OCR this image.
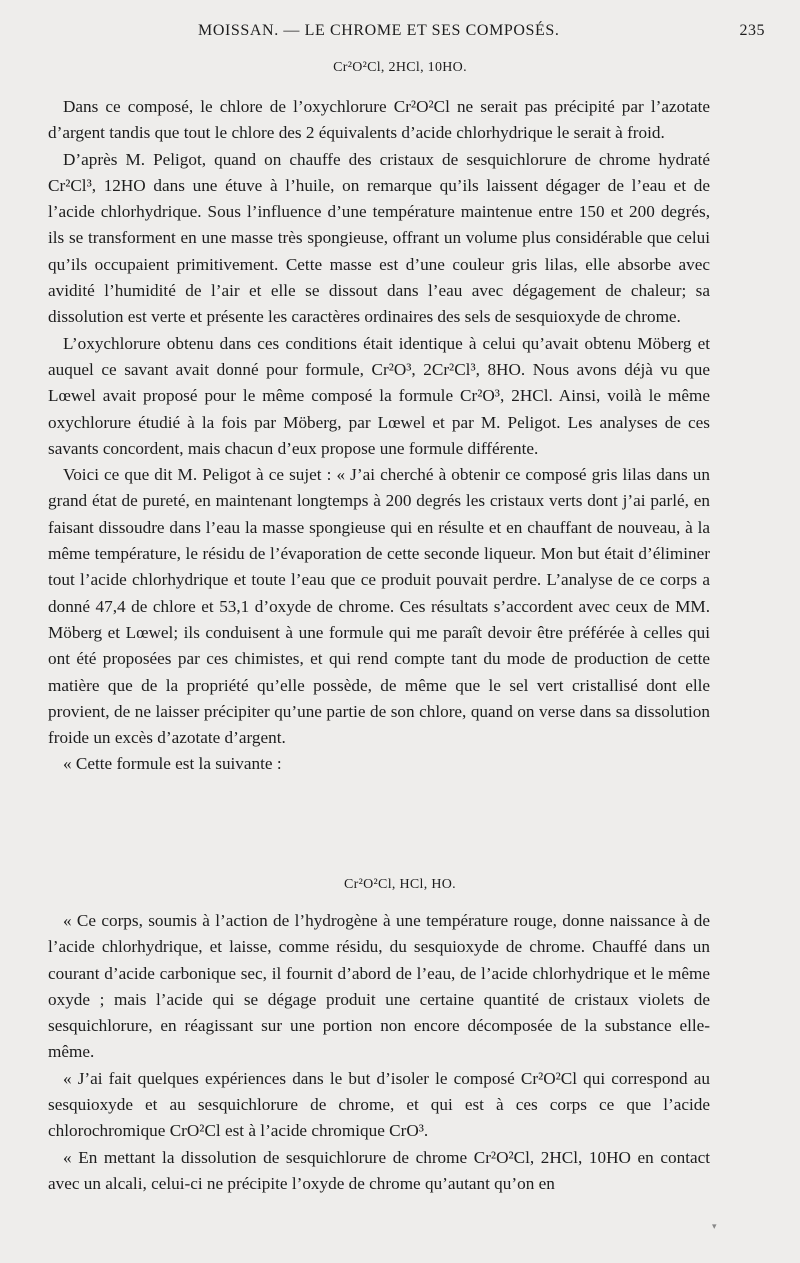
MOISSAN. — LE CHROME ET SES COMPOSÉS.	235
Cr²O²Cl, 2HCl, 10HO.

Dans ce composé, le chlore de l’oxychlorure Cr²O²Cl ne serait pas précipité par l’azotate d’argent tandis que tout le chlore des 2 équivalents d’acide chlorhydrique le serait à froid.

D’après M. Peligot, quand on chauffe des cristaux de sesquichlorure de chrome hydraté Cr²Cl³, 12HO dans une étuve à l’huile, on remarque qu’ils laissent dégager de l’eau et de l’acide chlorhydrique. Sous l’influence d’une température maintenue entre 150 et 200 degrés, ils se transforment en une masse très spongieuse, offrant un volume plus considérable que celui qu’ils occupaient primitivement. Cette masse est d’une couleur gris lilas, elle absorbe avec avidité l’humidité de l’air et elle se dissout dans l’eau avec dégagement de chaleur; sa dissolution est verte et présente les caractères ordinaires des sels de sesquioxyde de chrome.

L’oxychlorure obtenu dans ces conditions était identique à celui qu’avait obtenu Möberg et auquel ce savant avait donné pour formule, Cr²O³, 2Cr²Cl³, 8HO. Nous avons déjà vu que Lœwel avait proposé pour le même composé la formule Cr²O³, 2HCl. Ainsi, voilà le même oxychlorure étudié à la fois par Möberg, par Lœwel et par M. Peligot. Les analyses de ces savants concordent, mais chacun d’eux propose une formule différente.

Voici ce que dit M. Peligot à ce sujet : « J’ai cherché à obtenir ce composé gris lilas dans un grand état de pureté, en maintenant longtemps à 200 degrés les cristaux verts dont j’ai parlé, en faisant dissoudre dans l’eau la masse spongieuse qui en résulte et en chauffant de nouveau, à la même température, le résidu de l’évaporation de cette seconde liqueur. Mon but était d’éliminer tout l’acide chlorhydrique et toute l’eau que ce produit pouvait perdre. L’analyse de ce corps a donné 47,4 de chlore et 53,1 d’oxyde de chrome. Ces résultats s’accordent avec ceux de MM. Möberg et Lœwel; ils conduisent à une formule qui me paraît devoir être préférée à celles qui ont été proposées par ces chimistes, et qui rend compte tant du mode de production de cette matière que de la propriété qu’elle possède, de même que le sel vert cristallisé dont elle provient, de ne laisser précipiter qu’une partie de son chlore, quand on verse dans sa dissolution froide un excès d’azotate d’argent.

« Cette formule est la suivante :

Cr²O²Cl, HCl, HO.

« Ce corps, soumis à l’action de l’hydrogène à une température rouge, donne naissance à de l’acide chlorhydrique, et laisse, comme résidu, du sesquioxyde de chrome. Chauffé dans un courant d’acide carbonique sec, il fournit d’abord de l’eau, de l’acide chlorhydrique et le même oxyde ; mais l’acide qui se dégage produit une certaine quantité de cristaux violets de sesquichlorure, en réagissant sur une portion non encore décomposée de la substance elle-même.

« J’ai fait quelques expériences dans le but d’isoler le composé Cr²O²Cl qui correspond au sesquioxyde et au sesquichlorure de chrome, et qui est à ces corps ce que l’acide chlorochromique CrO²Cl est à l’acide chromique CrO³.

« En mettant la dissolution de sesquichlorure de chrome Cr²O²Cl, 2HCl, 10HO en contact avec un alcali, celui-ci ne précipite l’oxyde de chrome qu’autant qu’on en

▾
